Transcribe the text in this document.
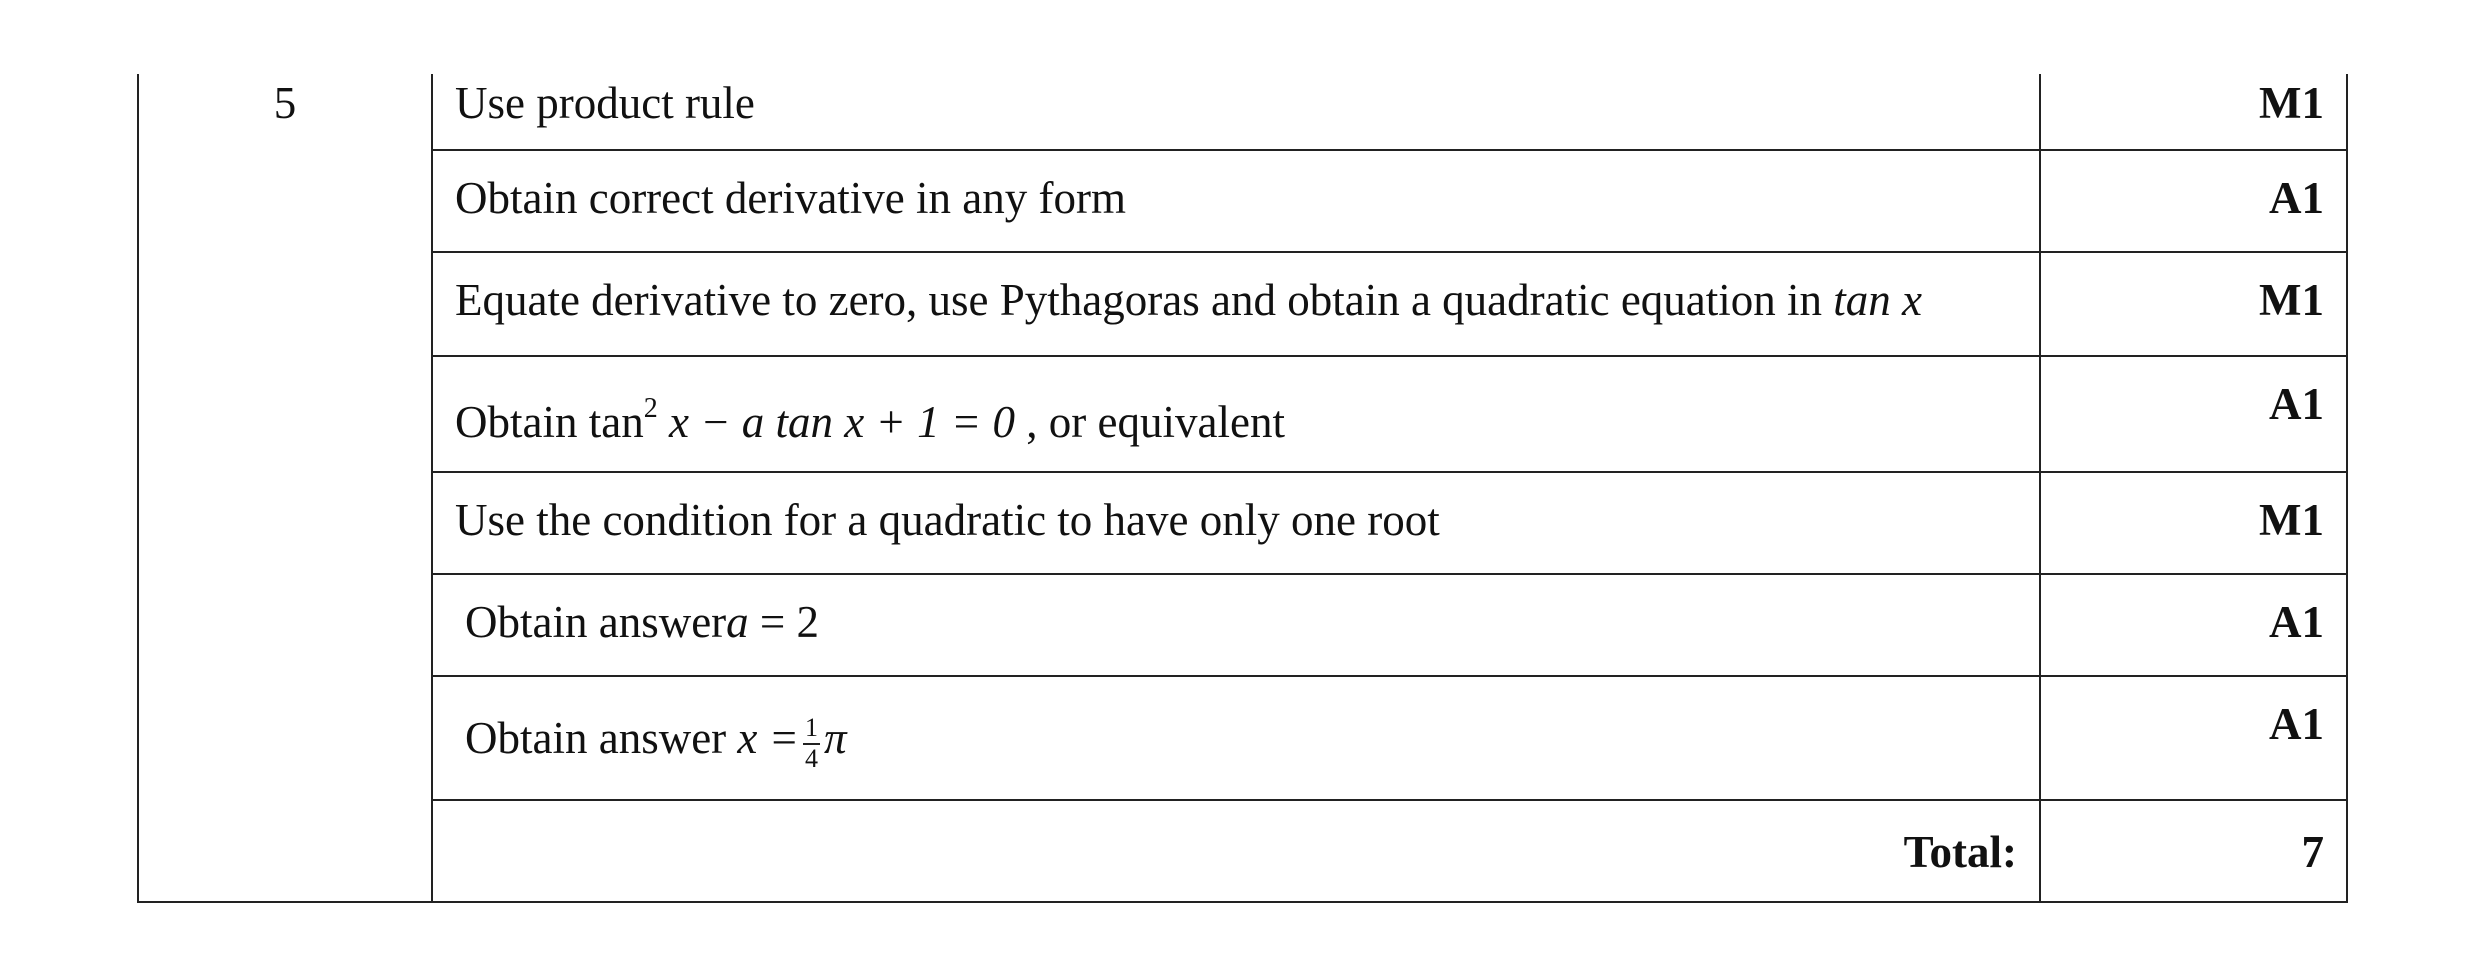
5	Use product rule	M1
	Obtain correct derivative in any form	A1
	Equate derivative to zero, use Pythagoras and obtain a quadratic equation in tan x	M1
	Obtain $\tan^2 x - a$ tan x + 1 = 0 , or equivalent	A1
	Use the condition for a quadratic to have only one root	M1
	Obtain answera = 2	A1
	Obtain answer $x = \frac{1}{4}$ π	A1
	Total:	7
